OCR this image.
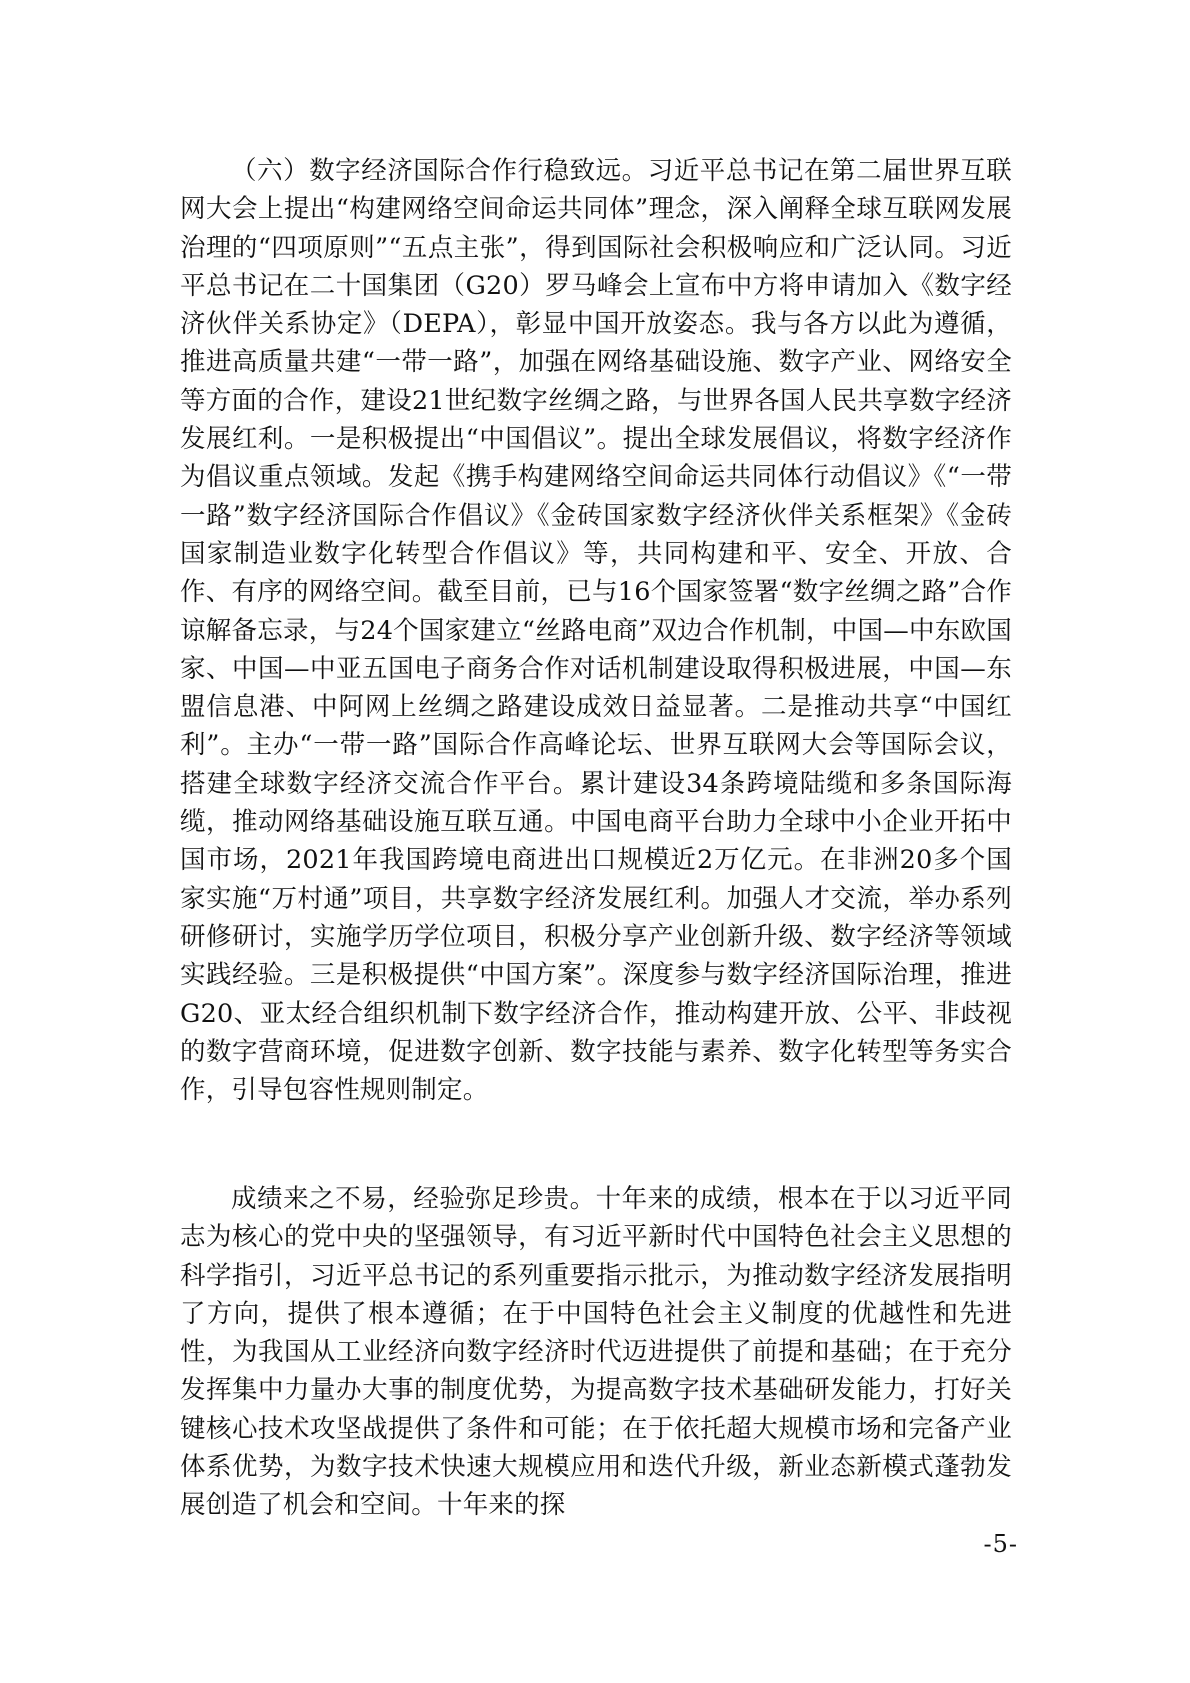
（六）数字经济国际合作行稳致远。习近平总书记在第二届世界互联网大会上提出“构建网络空间命运共同体”理念，深入阐释全球互联网发展治理的“四项原则”“五点主张”，得到国际社会积极响应和广泛认同。习近平总书记在二十国集团（G20）罗马峰会上宣布中方将申请加入《数字经济伙伴关系协定》（DEPA），彰显中国开放姿态。我与各方以此为遵循，推进高质量共建“一带一路”，加强在网络基础设施、数字产业、网络安全等方面的合作，建设21世纪数字丝绸之路，与世界各国人民共享数字经济发展红利。一是积极提出“中国倡议”。提出全球发展倡议，将数字经济作为倡议重点领域。发起《携手构建网络空间命运共同体行动倡议》《“一带一路”数字经济国际合作倡议》《金砖国家数字经济伙伴关系框架》《金砖国家制造业数字化转型合作倡议》等，共同构建和平、安全、开放、合作、有序的网络空间。截至目前，已与16个国家签署“数字丝绸之路”合作谅解备忘录，与24个国家建立“丝路电商”双边合作机制，中国—中东欧国家、中国—中亚五国电子商务合作对话机制建设取得积极进展，中国—东盟信息港、中阿网上丝绸之路建设成效日益显著。二是推动共享“中国红利”。主办“一带一路”国际合作高峰论坛、世界互联网大会等国际会议，搭建全球数字经济交流合作平台。累计建设34条跨境陆缆和多条国际海缆，推动网络基础设施互联互通。中国电商平台助力全球中小企业开拓中国市场，2021年我国跨境电商进出口规模近2万亿元。在非洲20多个国家实施“万村通”项目，共享数字经济发展红利。加强人才交流，举办系列研修研讨，实施学历学位项目，积极分享产业创新升级、数字经济等领域实践经验。三是积极提供“中国方案”。深度参与数字经济国际治理，推进G20、亚太经合组织机制下数字经济合作，推动构建开放、公平、非歧视的数字营商环境，促进数字创新、数字技能与素养、数字化转型等务实合作，引导包容性规则制定。

成绩来之不易，经验弥足珍贵。十年来的成绩，根本在于以习近平同志为核心的党中央的坚强领导，有习近平新时代中国特色社会主义思想的科学指引，习近平总书记的系列重要指示批示，为推动数字经济发展指明了方向，提供了根本遵循；在于中国特色社会主义制度的优越性和先进性，为我国从工业经济向数字经济时代迈进提供了前提和基础；在于充分发挥集中力量办大事的制度优势，为提高数字技术基础研发能力，打好关键核心技术攻坚战提供了条件和可能；在于依托超大规模市场和完备产业体系优势，为数字技术快速大规模应用和迭代升级，新业态新模式蓬勃发展创造了机会和空间。十年来的探

-5-
